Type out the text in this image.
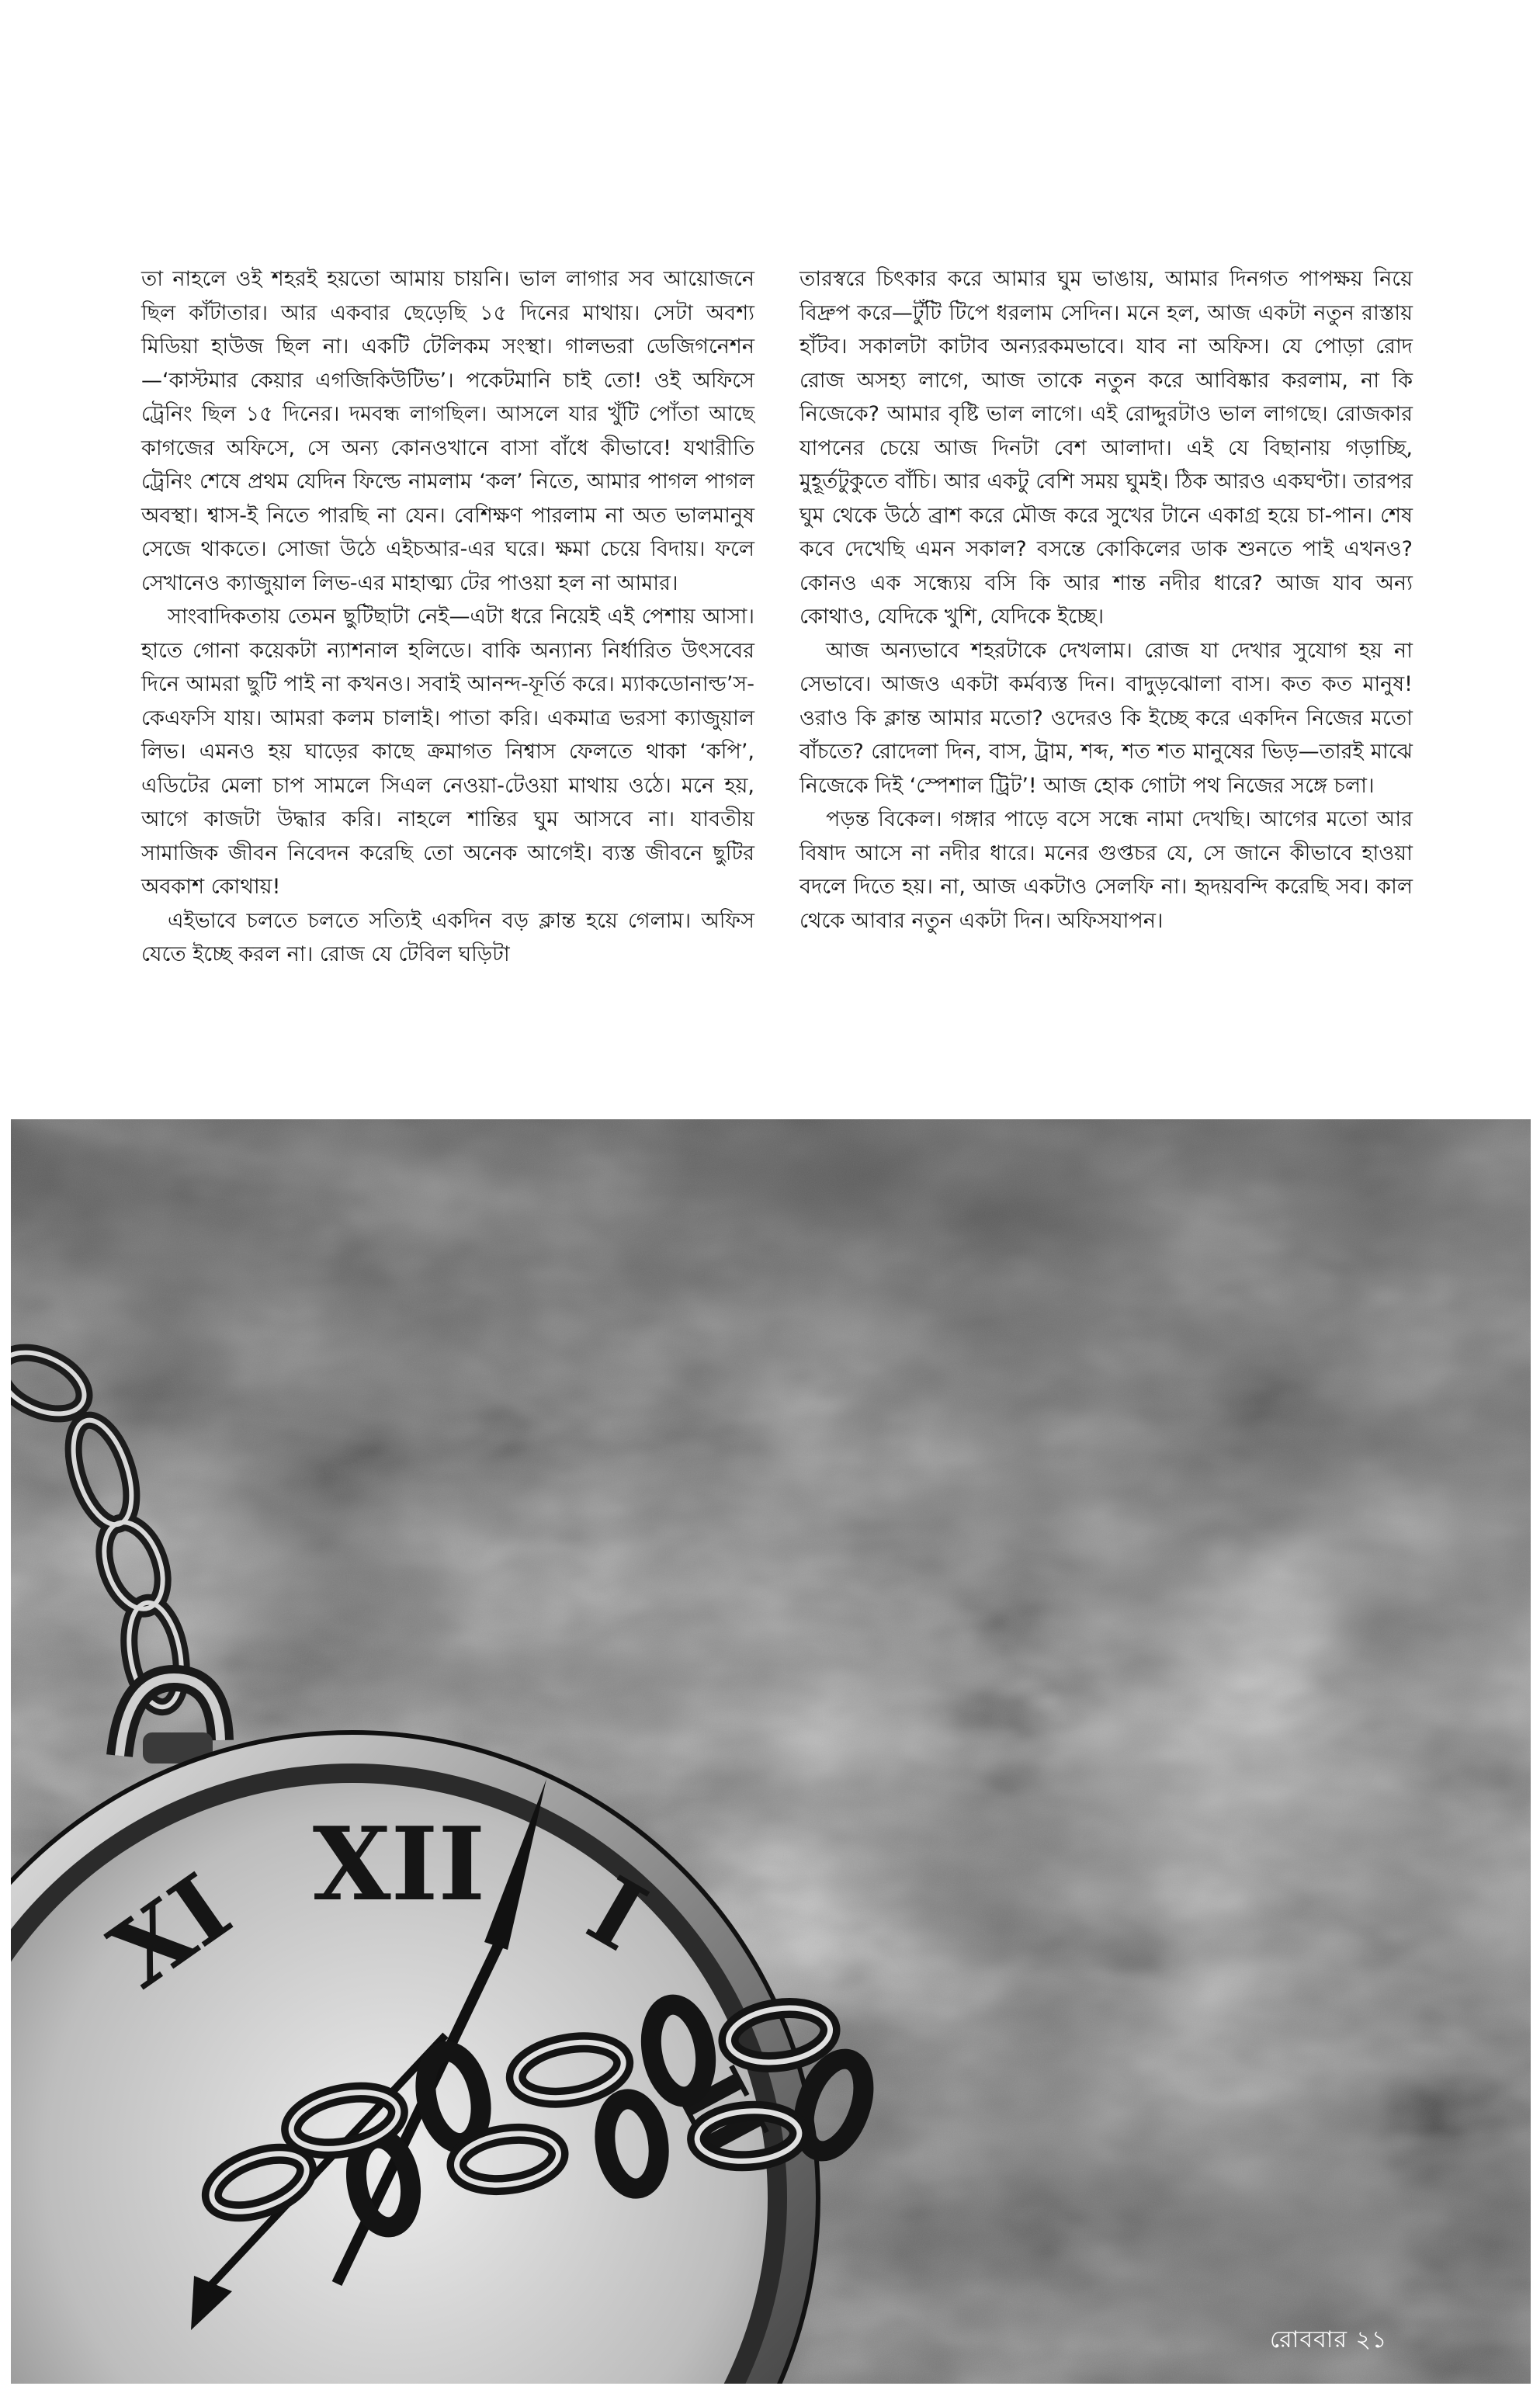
তা নাহলে ওই শহরই হয়তো আমায় চায়নি। ভাল লাগার সব আয়োজনে ছিল কাঁটাতার। আর একবার ছেড়েছি ১৫ দিনের মাথায়। সেটা অবশ্য মিডিয়া হাউজ ছিল না। একটি টেলিকম সংস্থা। গালভরা ডেজিগনেশন—‘কাস্টমার কেয়ার এগজিকিউটিভ’। পকেটমানি চাই তো! ওই অফিসে ট্রেনিং ছিল ১৫ দিনের। দমবন্ধ লাগছিল। আসলে যার খুঁটি পোঁতা আছে কাগজের অফিসে, সে অন্য কোনওখানে বাসা বাঁধে কীভাবে! যথারীতি ট্রেনিং শেষে প্রথম যেদিন ফিল্ডে নামলাম ‘কল’ নিতে, আমার পাগল পাগল অবস্থা। শ্বাস-ই নিতে পারছি না যেন। বেশিক্ষণ পারলাম না অত ভালমানুষ সেজে থাকতে। সোজা উঠে এইচআর-এর ঘরে। ক্ষমা চেয়ে বিদায়। ফলে সেখানেও ক্যাজুয়াল লিভ-এর মাহাত্ম্য টের পাওয়া হল না আমার।

সাংবাদিকতায় তেমন ছুটিছাটা নেই—এটা ধরে নিয়েই এই পেশায় আসা। হাতে গোনা কয়েকটা ন্যাশনাল হলিডে। বাকি অন্যান্য নির্ধারিত উৎসবের দিনে আমরা ছুটি পাই না কখনও। সবাই আনন্দ-ফূর্তি করে। ম্যাকডোনাল্ড’স-কেএফসি যায়। আমরা কলম চালাই। পাতা করি। একমাত্র ভরসা ক্যাজুয়াল লিভ। এমনও হয় ঘাড়ের কাছে ক্রমাগত নিশ্বাস ফেলতে থাকা ‘কপি’, এডিটের মেলা চাপ সামলে সিএল নেওয়া-টেওয়া মাথায় ওঠে। মনে হয়, আগে কাজটা উদ্ধার করি। নাহলে শান্তির ঘুম আসবে না। যাবতীয় সামাজিক জীবন নিবেদন করেছি তো অনেক আগেই। ব্যস্ত জীবনে ছুটির অবকাশ কোথায়!

এইভাবে চলতে চলতে সত্যিই একদিন বড় ক্লান্ত হয়ে গেলাম। অফিস যেতে ইচ্ছে করল না। রোজ যে টেবিল ঘড়িটা

তারস্বরে চিৎকার করে আমার ঘুম ভাঙায়, আমার দিনগত পাপক্ষয় নিয়ে বিদ্রুপ করে—টুঁটি টিপে ধরলাম সেদিন। মনে হল, আজ একটা নতুন রাস্তায় হাঁটব। সকালটা কাটাব অন্যরকমভাবে। যাব না অফিস। যে পোড়া রোদ রোজ অসহ্য লাগে, আজ তাকে নতুন করে আবিষ্কার করলাম, না কি নিজেকে? আমার বৃষ্টি ভাল লাগে। এই রোদ্দুরটাও ভাল লাগছে। রোজকার যাপনের চেয়ে আজ দিনটা বেশ আলাদা। এই যে বিছানায় গড়াচ্ছি, মুহূর্তটুকুতে বাঁচি। আর একটু বেশি সময় ঘুমই। ঠিক আরও একঘণ্টা। তারপর ঘুম থেকে উঠে ব্রাশ করে মৌজ করে সুখের টানে একাগ্র হয়ে চা-পান। শেষ কবে দেখেছি এমন সকাল? বসন্তে কোকিলের ডাক শুনতে পাই এখনও? কোনও এক সন্ধ্যেয় বসি কি আর শান্ত নদীর ধারে? আজ যাব অন্য কোথাও, যেদিকে খুশি, যেদিকে ইচ্ছে।

আজ অন্যভাবে শহরটাকে দেখলাম। রোজ যা দেখার সুযোগ হয় না সেভাবে। আজও একটা কর্মব্যস্ত দিন। বাদুড়ঝোলা বাস। কত কত মানুষ! ওরাও কি ক্লান্ত আমার মতো? ওদেরও কি ইচ্ছে করে একদিন নিজের মতো বাঁচতে? রোদেলা দিন, বাস, ট্রাম, শব্দ, শত শত মানুষের ভিড়—তারই মাঝে নিজেকে দিই ‘স্পেশাল ট্রিট’! আজ হোক গোটা পথ নিজের সঙ্গে চলা।

পড়ন্ত বিকেল। গঙ্গার পাড়ে বসে সন্ধে নামা দেখছি। আগের মতো আর বিষাদ আসে না নদীর ধারে। মনের গুপ্তচর যে, সে জানে কীভাবে হাওয়া বদলে দিতে হয়। না, আজ একটাও সেলফি না। হৃদয়বন্দি করেছি সব। কাল থেকে আবার নতুন একটা দিন। অফিসযাপন।

XII
XI	I
II
রোববার ২১
